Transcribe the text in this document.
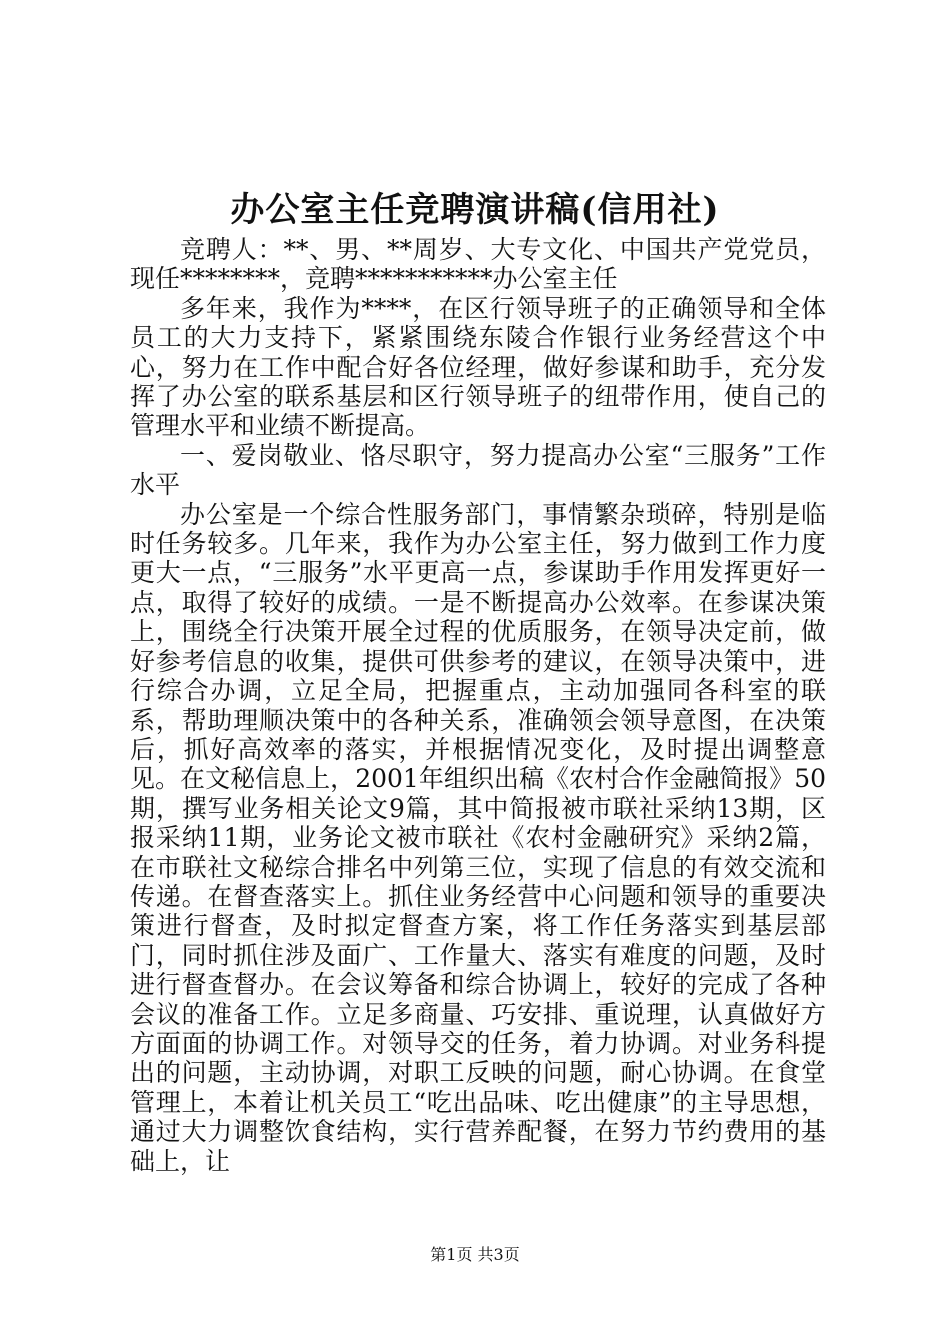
办公室主任竞聘演讲稿(信用社)

竞聘人：**、男、**周岁、大专文化、中国共产党党员，现任********，竞聘***********办公室主任

多年来，我作为****，在区行领导班子的正确领导和全体员工的大力支持下，紧紧围绕东陵合作银行业务经营这个中心，努力在工作中配合好各位经理，做好参谋和助手，充分发挥了办公室的联系基层和区行领导班子的纽带作用，使自己的管理水平和业绩不断提高。

一、爱岗敬业、恪尽职守，努力提高办公室“三服务”工作水平

办公室是一个综合性服务部门，事情繁杂琐碎，特别是临时任务较多。几年来，我作为办公室主任，努力做到工作力度更大一点，“三服务”水平更高一点，参谋助手作用发挥更好一点，取得了较好的成绩。一是不断提高办公效率。在参谋决策上，围绕全行决策开展全过程的优质服务，在领导决定前，做好参考信息的收集，提供可供参考的建议，在领导决策中，进行综合办调，立足全局，把握重点，主动加强同各科室的联系，帮助理顺决策中的各种关系，准确领会领导意图，在决策后，抓好高效率的落实，并根据情况变化，及时提出调整意见。在文秘信息上，2001年组织出稿《农村合作金融简报》50期，撰写业务相关论文9篇，其中简报被市联社采纳13期，区报采纳11期，业务论文被市联社《农村金融研究》采纳2篇，在市联社文秘综合排名中列第三位，实现了信息的有效交流和传递。在督查落实上。抓住业务经营中心问题和领导的重要决策进行督查，及时拟定督查方案，将工作任务落实到基层部门，同时抓住涉及面广、工作量大、落实有难度的问题，及时进行督查督办。在会议筹备和综合协调上，较好的完成了各种会议的准备工作。立足多商量、巧安排、重说理，认真做好方方面面的协调工作。对领导交的任务，着力协调。对业务科提出的问题，主动协调，对职工反映的问题，耐心协调。在食堂管理上，本着让机关员工“吃出品味、吃出健康”的主导思想，通过大力调整饮食结构，实行营养配餐，在努力节约费用的基础上，让

第1页 共3页
